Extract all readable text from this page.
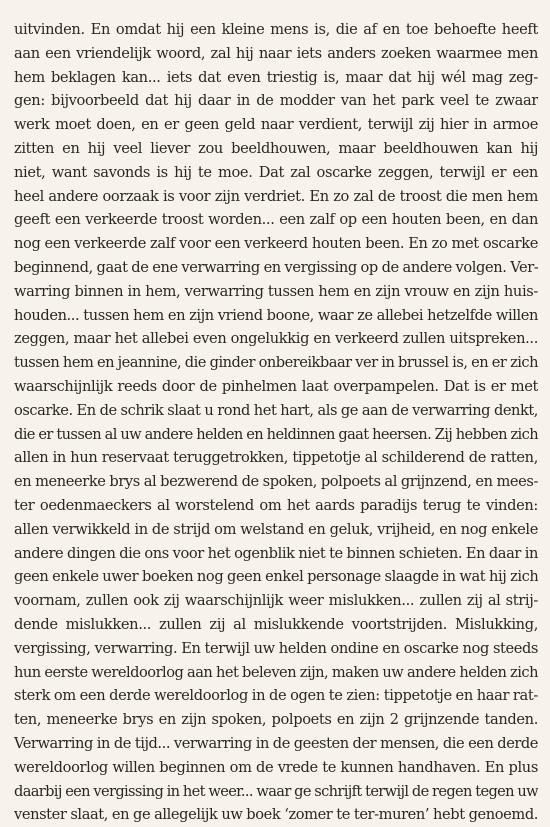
uitvinden. En omdat hij een kleine mens is, die af en toe behoefte heeft
aan een vriendelijk woord, zal hij naar iets anders zoeken waarmee men
hem beklagen kan... iets dat even triestig is, maar dat hij wél mag zeg-
gen: bijvoorbeeld dat hij daar in de modder van het park veel te zwaar
werk moet doen, en er geen geld naar verdient, terwijl zij hier in armoe
zitten en hij veel liever zou beeldhouwen, maar beeldhouwen kan hij
niet, want savonds is hij te moe. Dat zal oscarke zeggen, terwijl er een
heel andere oorzaak is voor zijn verdriet. En zo zal de troost die men hem
geeft een verkeerde troost worden... een zalf op een houten been, en dan
nog een verkeerde zalf voor een verkeerd houten been. En zo met oscarke
beginnend, gaat de ene verwarring en vergissing op de andere volgen. Ver-
warring binnen in hem, verwarring tussen hem en zijn vrouw en zijn huis-
houden... tussen hem en zijn vriend boone, waar ze allebei hetzelfde willen
zeggen, maar het allebei even ongelukkig en verkeerd zullen uitspreken...
tussen hem en jeannine, die ginder onbereikbaar ver in brussel is, en er zich
waarschijnlijk reeds door de pinhelmen laat overpampelen. Dat is er met
oscarke. En de schrik slaat u rond het hart, als ge aan de verwarring denkt,
die er tussen al uw andere helden en heldinnen gaat heersen. Zij hebben zich
allen in hun reservaat teruggetrokken, tippetotje al schilderend de ratten,
en meneerke brys al bezwerend de spoken, polpoets al grijnzend, en mees-
ter oedenmaeckers al worstelend om het aards paradijs terug te vinden:
allen verwikkeld in de strijd om welstand en geluk, vrijheid, en nog enkele
andere dingen die ons voor het ogenblik niet te binnen schieten. En daar in
geen enkele uwer boeken nog geen enkel personage slaagde in wat hij zich
voornam, zullen ook zij waarschijnlijk weer mislukken... zullen zij al strij-
dende mislukken... zullen zij al mislukkende voortstrijden. Mislukking,
vergissing, verwarring. En terwijl uw helden ondine en oscarke nog steeds
hun eerste wereldoorlog aan het beleven zijn, maken uw andere helden zich
sterk om een derde wereldoorlog in de ogen te zien: tippetotje en haar rat-
ten, meneerke brys en zijn spoken, polpoets en zijn 2 grijnzende tanden.
Verwarring in de tijd... verwarring in de geesten der mensen, die een derde
wereldoorlog willen beginnen om de vrede te kunnen handhaven. En plus
daarbij een vergissing in het weer... waar ge schrijft terwijl de regen tegen uw
venster slaat, en ge allegelijk uw boek ‘zomer te ter-muren’ hebt genoemd.
